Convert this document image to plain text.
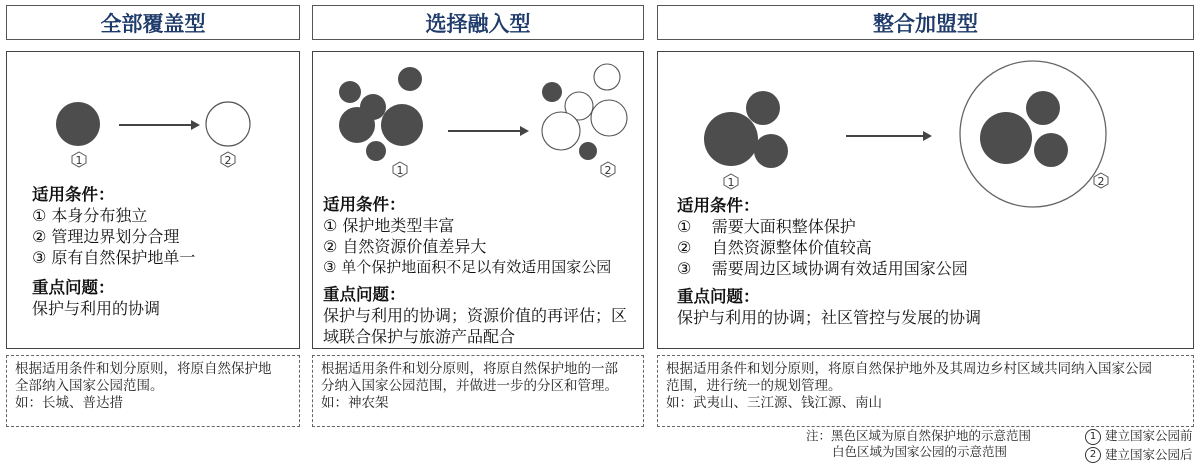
全部覆盖型
1	2
适用条件：
① 本身分布独立
② 管理边界划分合理
③ 原有自然保护地单一
重点问题：
保护与利用的协调
根据适用条件和划分原则，将原自然保护地
全部纳入国家公园范围。
如：长城、普达措
选择融入型
1	2
适用条件：
① 保护地类型丰富
② 自然资源价值差异大
③ 单个保护地面积不足以有效适用国家公园
重点问题：
保护与利用的协调；资源价值的再评估；区域联合保护与旅游产品配合
根据适用条件和划分原则，将原自然保护地的一部
分纳入国家公园范围，并做进一步的分区和管理。
如：神农架
整合加盟型
1	2
适用条件：
①    需要大面积整体保护
②    自然资源整体价值较高
③    需要周边区域协调有效适用国家公园
重点问题：
保护与利用的协调；社区管控与发展的协调
根据适用条件和划分原则，将原自然保护地外及其周边乡村区域共同纳入国家公园
范围，进行统一的规划管理。
如：武夷山、三江源、钱江源、南山
注：黑色区域为原自然保护地的示意范围
白色区域为国家公园的示意范围
1 建立国家公园前
2 建立国家公园后
